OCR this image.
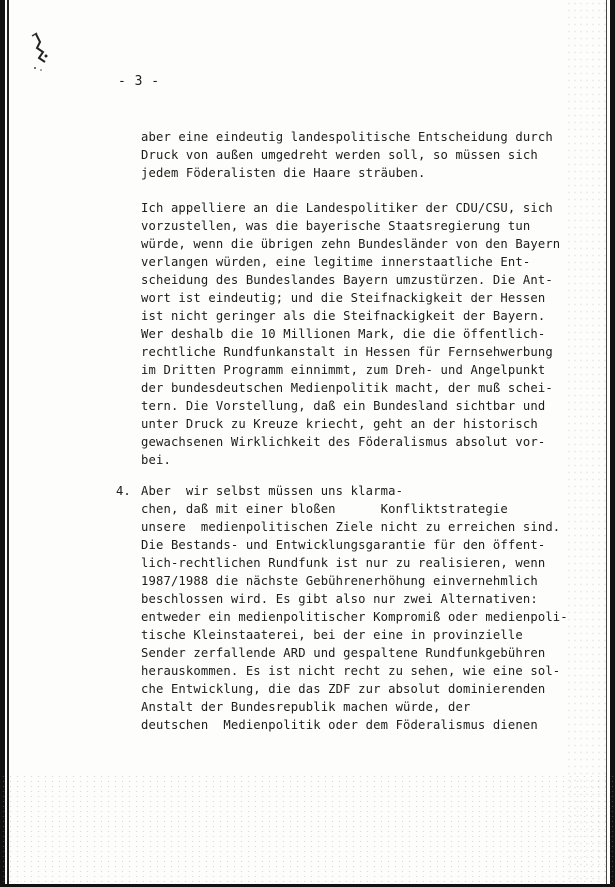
- 3 -
aber eine eindeutig landespolitische Entscheidung durch
Druck von außen umgedreht werden soll, so müssen sich
jedem Föderalisten die Haare sträuben.
Ich appelliere an die Landespolitiker der CDU/CSU, sich
vorzustellen, was die bayerische Staatsregierung tun
würde, wenn die übrigen zehn Bundesländer von den Bayern
verlangen würden, eine legitime innerstaatliche Ent-
scheidung des Bundeslandes Bayern umzustürzen. Die Ant-
wort ist eindeutig; und die Steifnackigkeit der Hessen
ist nicht geringer als die Steifnackigkeit der Bayern.
Wer deshalb die 10 Millionen Mark, die die öffentlich-
rechtliche Rundfunkanstalt in Hessen für Fernsehwerbung
im Dritten Programm einnimmt, zum Dreh- und Angelpunkt
der bundesdeutschen Medienpolitik macht, der muß schei-
tern. Die Vorstellung, daß ein Bundesland sichtbar und
unter Druck zu Kreuze kriecht, geht an der historisch
gewachsenen Wirklichkeit des Föderalismus absolut vor-
bei.
4. Aber  wir selbst müssen uns klarma-
chen, daß mit einer bloßen      Konfliktstrategie
unsere  medienpolitischen Ziele nicht zu erreichen sind.
Die Bestands- und Entwicklungsgarantie für den öffent-
lich-rechtlichen Rundfunk ist nur zu realisieren, wenn
1987/1988 die nächste Gebührenerhöhung einvernehmlich
beschlossen wird. Es gibt also nur zwei Alternativen:
entweder ein medienpolitischer Kompromiß oder medienpoli-
tische Kleinstaaterei, bei der eine in provinzielle
Sender zerfallende ARD und gespaltene Rundfunkgebühren
herauskommen. Es ist nicht recht zu sehen, wie eine sol-
che Entwicklung, die das ZDF zur absolut dominierenden
Anstalt der Bundesrepublik machen würde, der
deutschen  Medienpolitik oder dem Föderalismus dienen
